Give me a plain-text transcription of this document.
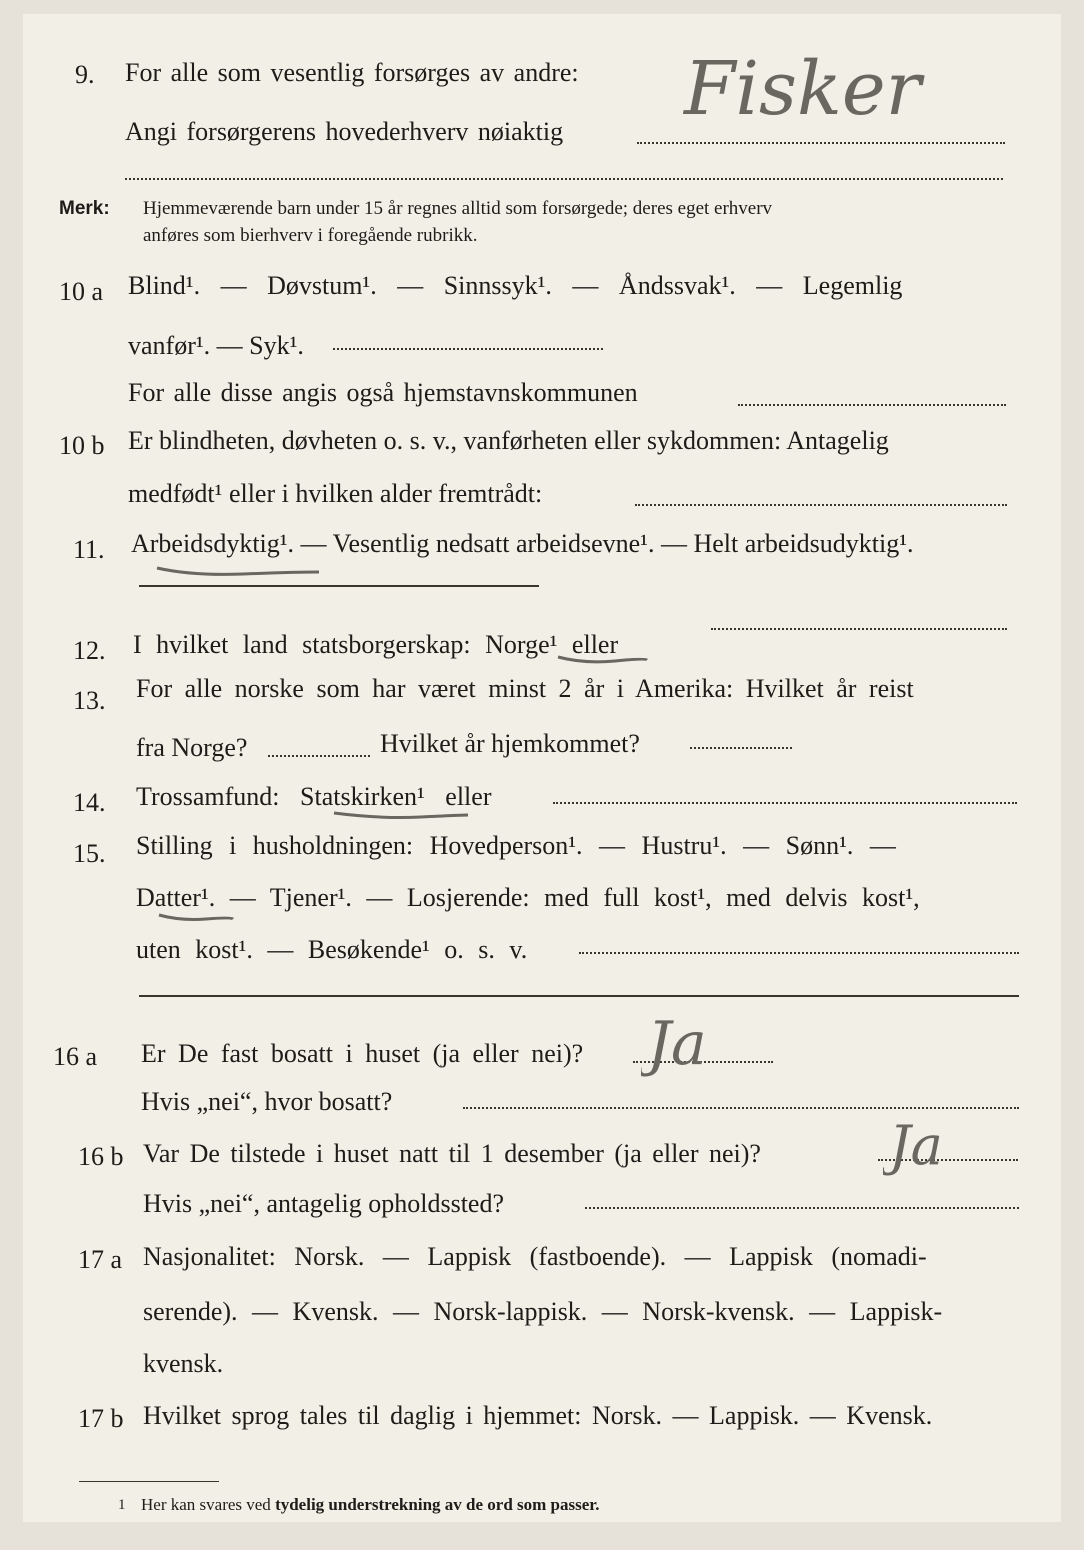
9. For alle som vesentlig forsørges av andre:
Angi forsørgerens hovederhverv nøiaktig Fisker
Merk: Hjemmeværende barn under 15 år regnes alltid som forsørgede; deres eget erhverv
anføres som bierhverv i foregående rubrikk.
10 a Blind¹. — Døvstum¹. — Sinnssyk¹. — Åndssvak¹. — Legemlig
vanfør¹. — Syk¹.
For alle disse angis også hjemstavnskommunen
10 b Er blindheten, døvheten o. s. v., vanførheten eller sykdommen: Antagelig
medfødt¹ eller i hvilken alder fremtrådt:
11. Arbeidsdyktig¹. — Vesentlig nedsatt arbeidsevne¹. — Helt arbeidsudyktig¹.
12. I hvilket land statsborgerskap: Norge¹ eller
13. For alle norske som har været minst 2 år i Amerika: Hvilket år reist
fra Norge?	Hvilket år hjemkommet?
14. Trossamfund: Statskirken¹ eller
15. Stilling i husholdningen: Hovedperson¹. — Hustru¹. — Sønn¹. —
Datter¹. — Tjener¹. — Losjerende: med full kost¹, med delvis kost¹,
uten kost¹. — Besøkende¹ o. s. v.
16 a Er De fast bosatt i huset (ja eller nei)? Ja
Hvis „nei“, hvor bosatt?
16 b Var De tilstede i huset natt til 1 desember (ja eller nei)? Ja
Hvis „nei“, antagelig opholdssted?
17 a Nasjonalitet: Norsk. — Lappisk (fastboende). — Lappisk (nomadi-
serende). — Kvensk. — Norsk-lappisk. — Norsk-kvensk. — Lappisk-
kvensk.
17 b Hvilket sprog tales til daglig i hjemmet: Norsk. — Lappisk. — Kvensk.
1 Her kan svares ved tydelig understrekning av de ord som passer.
